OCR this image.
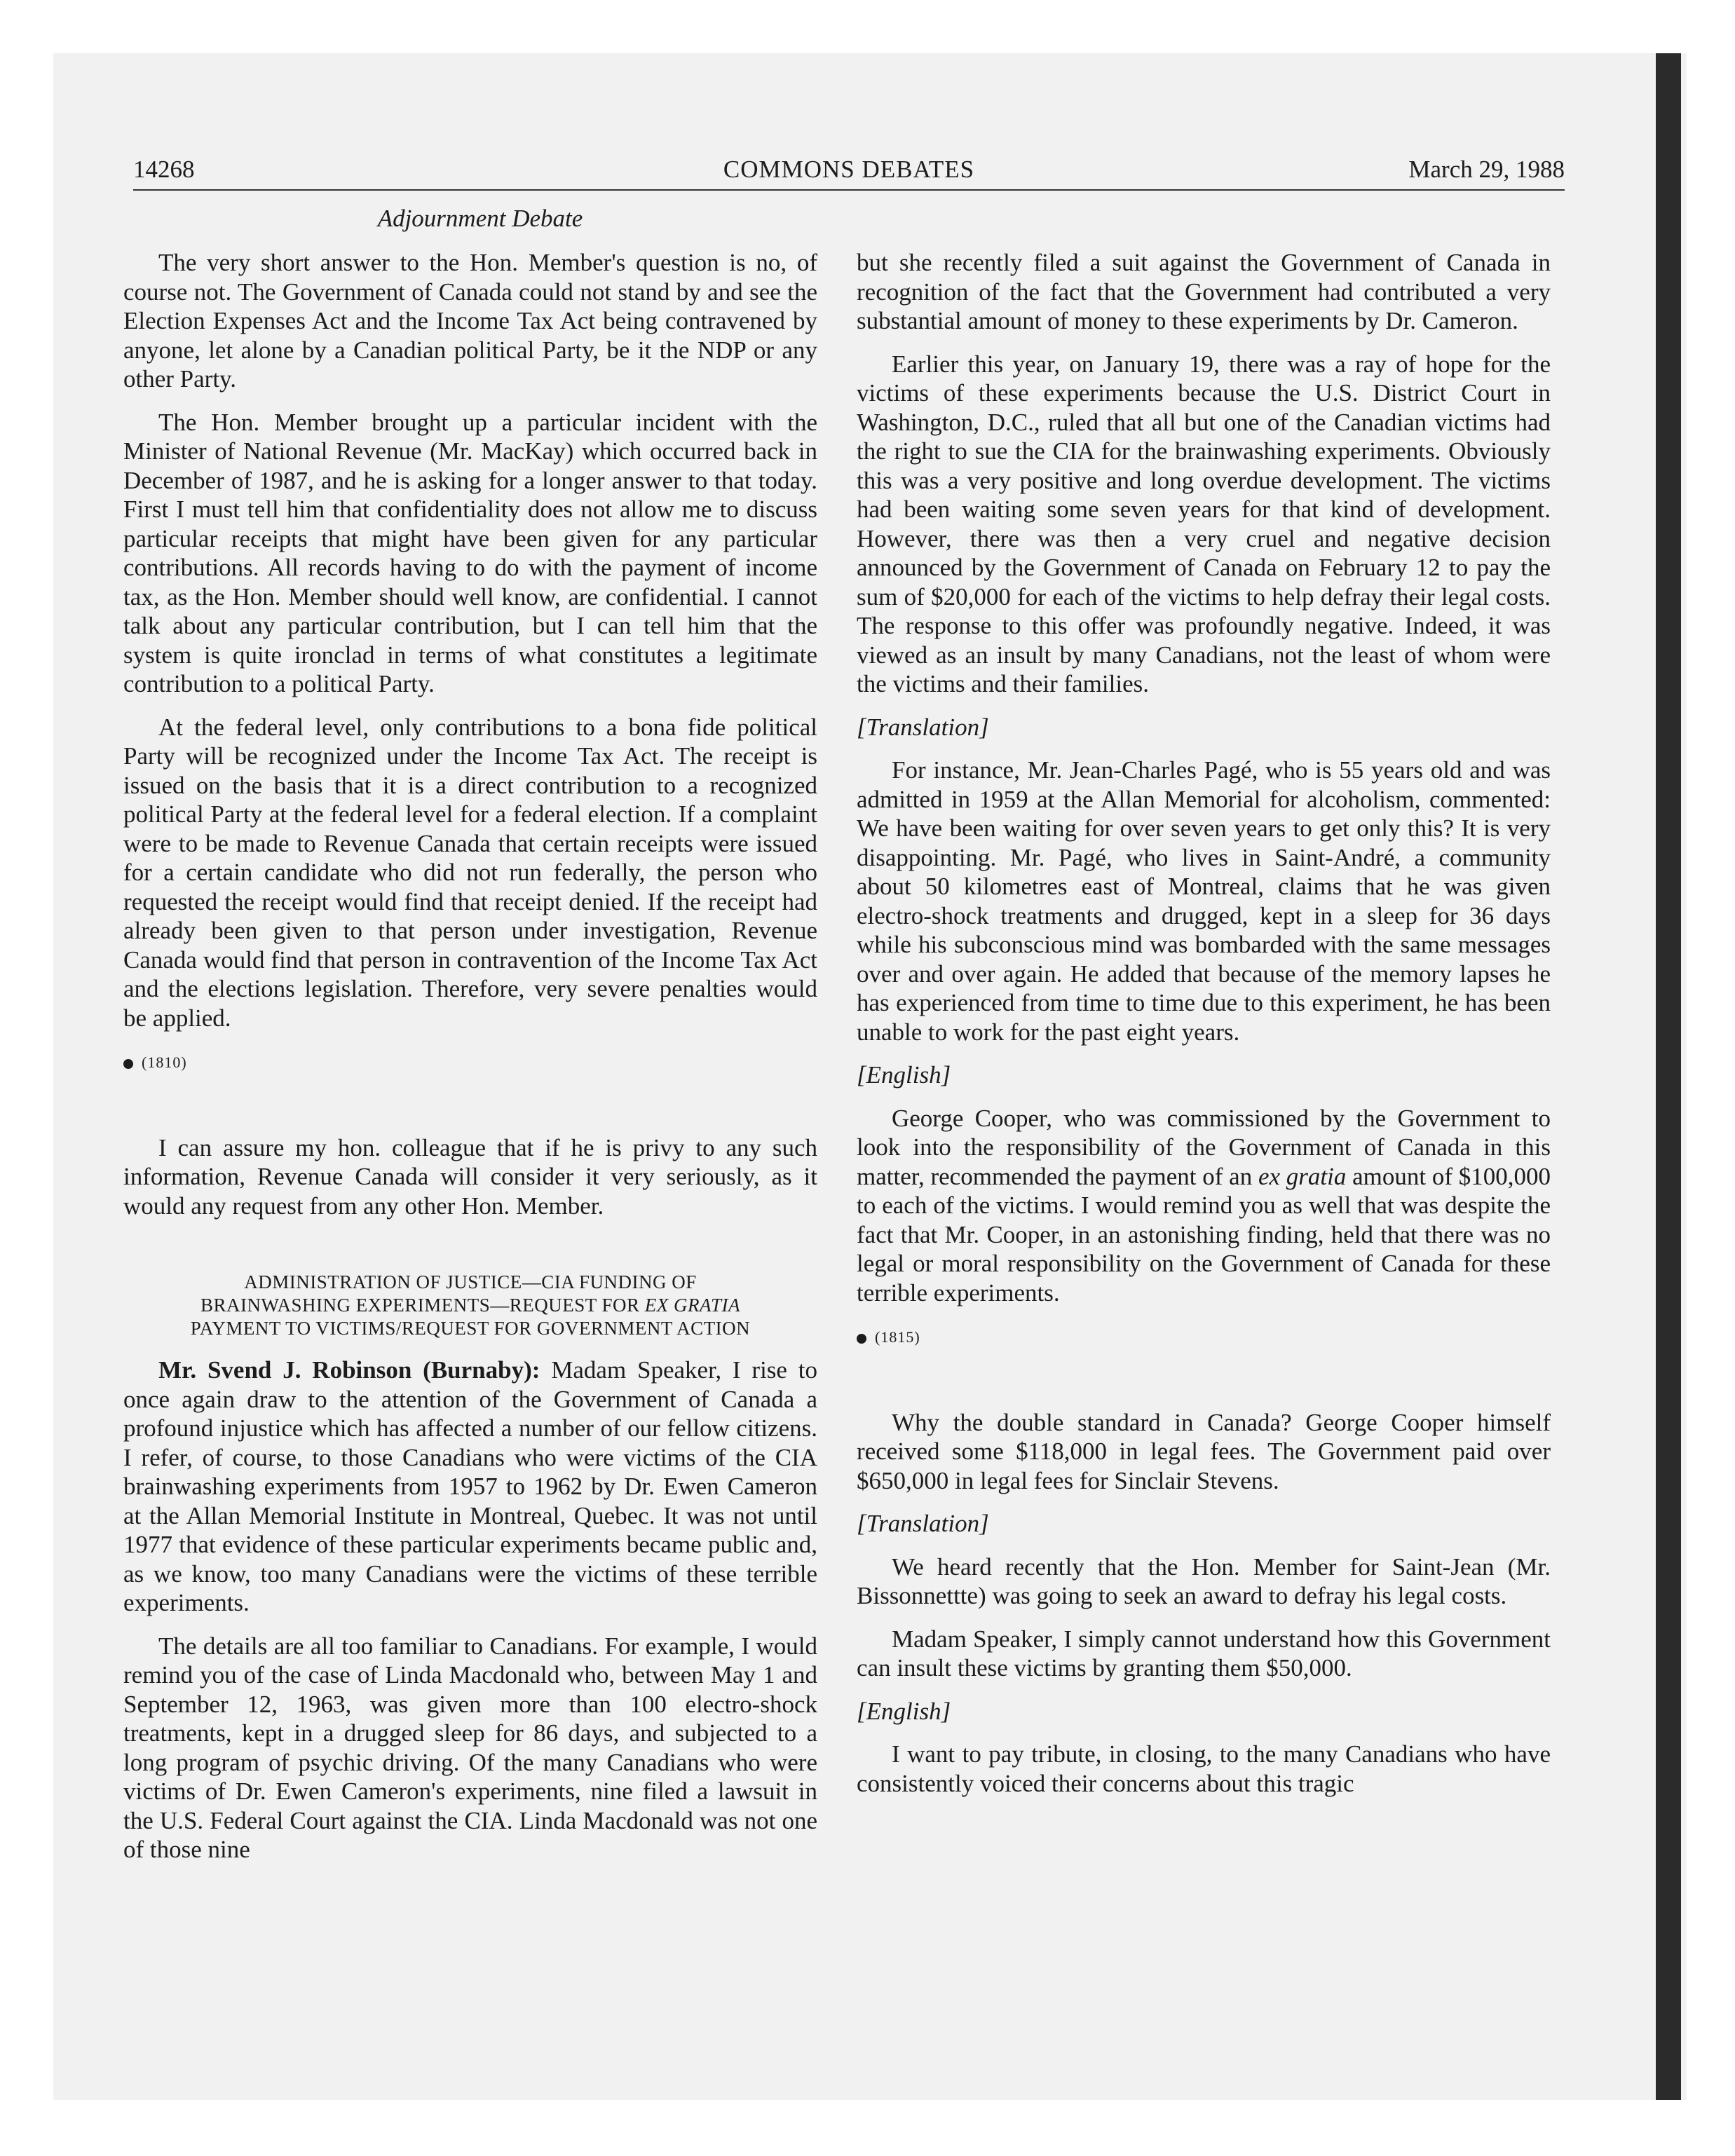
14268	COMMONS DEBATES	March 29, 1988
Adjournment Debate

The very short answer to the Hon. Member's question is no, of course not. The Government of Canada could not stand by and see the Election Expenses Act and the Income Tax Act being contravened by anyone, let alone by a Canadian political Party, be it the NDP or any other Party.

The Hon. Member brought up a particular incident with the Minister of National Revenue (Mr. MacKay) which occurred back in December of 1987, and he is asking for a longer answer to that today. First I must tell him that confidentiality does not allow me to discuss particular receipts that might have been given for any particular contributions. All records having to do with the payment of income tax, as the Hon. Member should well know, are confidential. I cannot talk about any particular contribution, but I can tell him that the system is quite ironclad in terms of what constitutes a legitimate contribution to a political Party.

At the federal level, only contributions to a bona fide political Party will be recognized under the Income Tax Act. The receipt is issued on the basis that it is a direct contribution to a recognized political Party at the federal level for a federal election. If a complaint were to be made to Revenue Canada that certain receipts were issued for a certain candidate who did not run federally, the person who requested the receipt would find that receipt denied. If the receipt had already been given to that person under investigation, Revenue Canada would find that person in contravention of the Income Tax Act and the elections legislation. Therefore, very severe penalties would be applied.

(1810)

I can assure my hon. colleague that if he is privy to any such information, Revenue Canada will consider it very seriously, as it would any request from any other Hon. Member.

ADMINISTRATION OF JUSTICE—CIA FUNDING OF
BRAINWASHING EXPERIMENTS—REQUEST FOR EX GRATIA
PAYMENT TO VICTIMS/REQUEST FOR GOVERNMENT ACTION

Mr. Svend J. Robinson (Burnaby): Madam Speaker, I rise to once again draw to the attention of the Government of Canada a profound injustice which has affected a number of our fellow citizens. I refer, of course, to those Canadians who were victims of the CIA brainwashing experiments from 1957 to 1962 by Dr. Ewen Cameron at the Allan Memorial Institute in Montreal, Quebec. It was not until 1977 that evidence of these particular experiments became public and, as we know, too many Canadians were the victims of these terrible experiments.

The details are all too familiar to Canadians. For example, I would remind you of the case of Linda Macdonald who, between May 1 and September 12, 1963, was given more than 100 electro-shock treatments, kept in a drugged sleep for 86 days, and subjected to a long program of psychic driving. Of the many Canadians who were victims of Dr. Ewen Cameron's experiments, nine filed a lawsuit in the U.S. Federal Court against the CIA. Linda Macdonald was not one of those nine

but she recently filed a suit against the Government of Canada in recognition of the fact that the Government had contributed a very substantial amount of money to these experiments by Dr. Cameron.

Earlier this year, on January 19, there was a ray of hope for the victims of these experiments because the U.S. District Court in Washington, D.C., ruled that all but one of the Canadian victims had the right to sue the CIA for the brainwashing experiments. Obviously this was a very positive and long overdue development. The victims had been waiting some seven years for that kind of development. However, there was then a very cruel and negative decision announced by the Government of Canada on February 12 to pay the sum of $20,000 for each of the victims to help defray their legal costs. The response to this offer was profoundly negative. Indeed, it was viewed as an insult by many Canadians, not the least of whom were the victims and their families.

[Translation]

For instance, Mr. Jean-Charles Pagé, who is 55 years old and was admitted in 1959 at the Allan Memorial for alcoholism, commented: We have been waiting for over seven years to get only this? It is very disappointing. Mr. Pagé, who lives in Saint-André, a community about 50 kilometres east of Montreal, claims that he was given electro-shock treatments and drugged, kept in a sleep for 36 days while his subconscious mind was bombarded with the same messages over and over again. He added that because of the memory lapses he has experienced from time to time due to this experiment, he has been unable to work for the past eight years.

[English]

George Cooper, who was commissioned by the Government to look into the responsibility of the Government of Canada in this matter, recommended the payment of an ex gratia amount of $100,000 to each of the victims. I would remind you as well that was despite the fact that Mr. Cooper, in an astonishing finding, held that there was no legal or moral responsibility on the Government of Canada for these terrible experiments.

(1815)

Why the double standard in Canada? George Cooper himself received some $118,000 in legal fees. The Government paid over $650,000 in legal fees for Sinclair Stevens.

[Translation]

We heard recently that the Hon. Member for Saint-Jean (Mr. Bissonnettte) was going to seek an award to defray his legal costs.

Madam Speaker, I simply cannot understand how this Government can insult these victims by granting them $50,000.

[English]

I want to pay tribute, in closing, to the many Canadians who have consistently voiced their concerns about this tragic
